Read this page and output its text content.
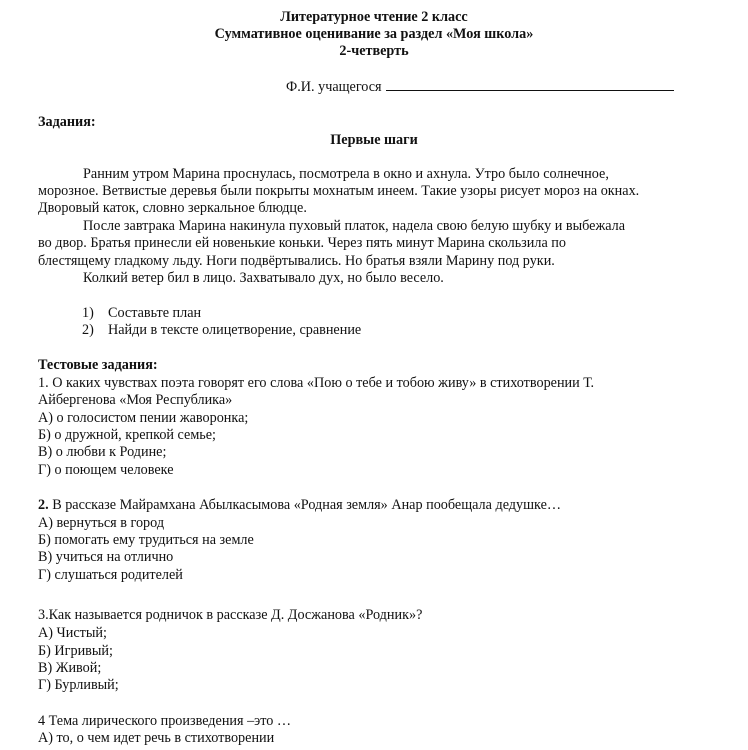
Литературное чтение 2 класс
Суммативное оценивание за раздел «Моя школа»
2-четверть
Ф.И. учащегося
Задания:
Первые шаги
Ранним утром Марина проснулась, посмотрела в окно и ахнула. Утро было солнечное,
морозное. Ветвистые деревья были покрыты мохнатым инеем. Такие узоры рисует мороз на окнах.
Дворовый каток, словно зеркальное блюдце.
После завтрака Марина накинула пуховый платок, надела свою белую шубку и выбежала
во двор. Братья принесли ей новенькие коньки. Через пять минут Марина скользила по
блестящему гладкому льду. Ноги подвёртывались. Но братья взяли Марину под руки.
Колкий ветер бил в лицо. Захватывало дух, но было весело.
1) Составьте план
2) Найди в тексте олицетворение, сравнение
Тестовые задания:
1. О каких чувствах поэта говорят его слова «Пою о тебе и тобою живу» в стихотворении Т.
Айбергенова «Моя Республика»
А) о голосистом пении жаворонка;
Б) о дружной, крепкой семье;
В) о любви к Родине;
Г) о поющем человеке
2. В рассказе Майрамхана Абылкасымова «Родная земля» Анар пообещала дедушке…
А) вернуться в город
Б) помогать ему трудиться на земле
В) учиться на отлично
Г) слушаться родителей
3.Как называется родничок в рассказе Д. Досжанова «Родник»?
А) Чистый;
Б) Игривый;
В) Живой;
Г) Бурливый;
4 Тема лирического произведения –это …
А) то, о чем идет речь в стихотворении
